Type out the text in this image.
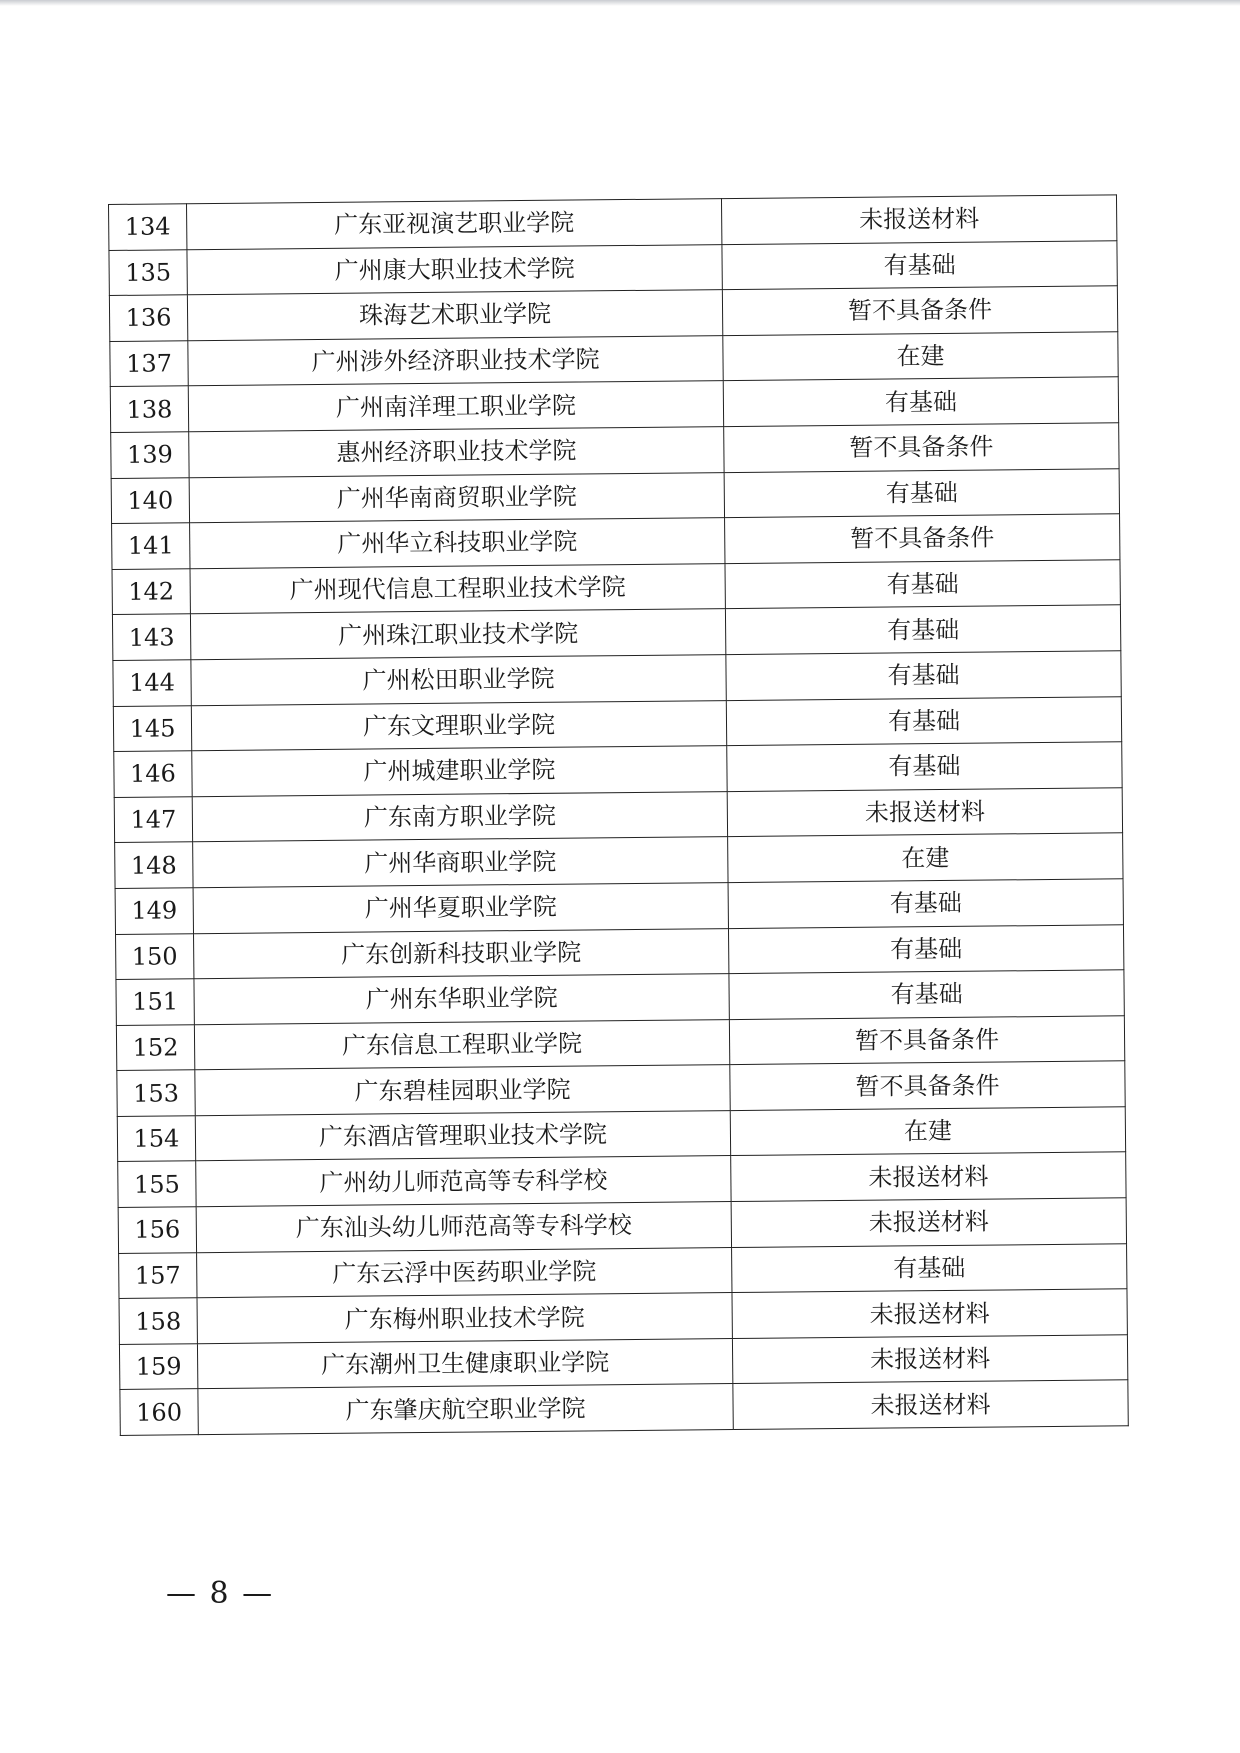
134	广东亚视演艺职业学院	未报送材料
135	广州康大职业技术学院	有基础
136	珠海艺术职业学院	暂不具备条件
137	广州涉外经济职业技术学院	在建
138	广州南洋理工职业学院	有基础
139	惠州经济职业技术学院	暂不具备条件
140	广州华南商贸职业学院	有基础
141	广州华立科技职业学院	暂不具备条件
142	广州现代信息工程职业技术学院	有基础
143	广州珠江职业技术学院	有基础
144	广州松田职业学院	有基础
145	广东文理职业学院	有基础
146	广州城建职业学院	有基础
147	广东南方职业学院	未报送材料
148	广州华商职业学院	在建
149	广州华夏职业学院	有基础
150	广东创新科技职业学院	有基础
151	广州东华职业学院	有基础
152	广东信息工程职业学院	暂不具备条件
153	广东碧桂园职业学院	暂不具备条件
154	广东酒店管理职业技术学院	在建
155	广州幼儿师范高等专科学校	未报送材料
156	广东汕头幼儿师范高等专科学校	未报送材料
157	广东云浮中医药职业学院	有基础
158	广东梅州职业技术学院	未报送材料
159	广东潮州卫生健康职业学院	未报送材料
160	广东肇庆航空职业学院	未报送材料
— 8 —
